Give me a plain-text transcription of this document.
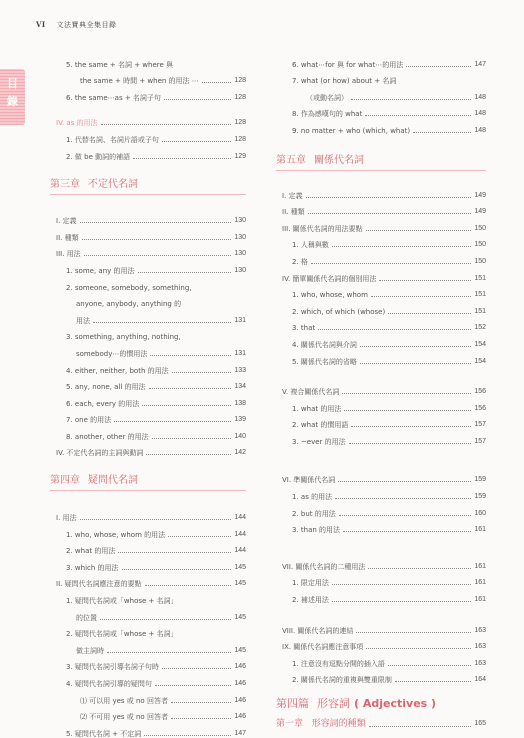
VI 文法寶典全集目錄
目
錄
5. the same + 名詞 + where 與
the same + 時間 + when 的用法 ⋯	128
6. the same⋯as + 名詞子句	128
IV. as 的用法	128
1. 代替名詞、名詞片語或子句	128
2. 做 be 動詞的補語	129
第三章 不定代名詞
I. 定義	130
II. 種類	130
III. 用法	130
1. some, any 的用法	130
2. someone, somebody, something,
anyone, anybody, anything 的
用法	131
3. something, anything, nothing,
somebody⋯的慣用法	131
4. either, neither, both 的用法	133
5. any, none, all 的用法	134
6. each, every 的用法	138
7. one 的用法	139
8. another, other 的用法	140
IV. 不定代名詞的主詞與動詞	142
第四章 疑問代名詞
I. 用法	144
1. who, whose, whom 的用法	144
2. what 的用法	144
3. which 的用法	145
II. 疑問代名詞應注意的要點	145
1. 疑問代名詞或「whose + 名詞」
的位置	145
2. 疑問代名詞或「whose + 名詞」
做主詞時	145
3. 疑問代名詞引導名詞子句時	146
4. 疑問代名詞引導的疑問句	146
⑴ 可以用 yes 或 no 回答者	146
⑵ 不可用 yes 或 no 回答者	146
5. 疑問代名詞 + 不定詞	147
6. what⋯for 與 for what⋯的用法	147
7. what (or how) about + 名詞
（或動名詞）	148
8. 作為感嘆句的 what	148
9. no matter + who (which, what)	148
第五章 關係代名詞
I. 定義	149
II. 種類	149
III. 關係代名詞的用法要點	150
1. 人稱與數	150
2. 格	150
IV. 簡單關係代名詞的個別用法	151
1. who, whose, whom	151
2. which, of which (whose)	151
3. that	152
4. 關係代名詞與介詞	154
5. 關係代名詞的省略	154
V. 複合關係代名詞	156
1. what 的用法	156
2. what 的慣用語	157
3. ~ever 的用法	157
VI. 準關係代名詞	159
1. as 的用法	159
2. but 的用法	160
3. than 的用法	161
VII. 關係代名詞的二種用法	161
1. 限定用法	161
2. 補述用法	161
VIII. 關係代名詞的連結	163
IX. 關係代名詞應注意事項	163
1. 注意沒有逗點分開的插入語	163
2. 關係代名詞的重複與雙重限制	164
第四篇 形容詞 ( Adjectives )
第一章 形容詞的種類	165
